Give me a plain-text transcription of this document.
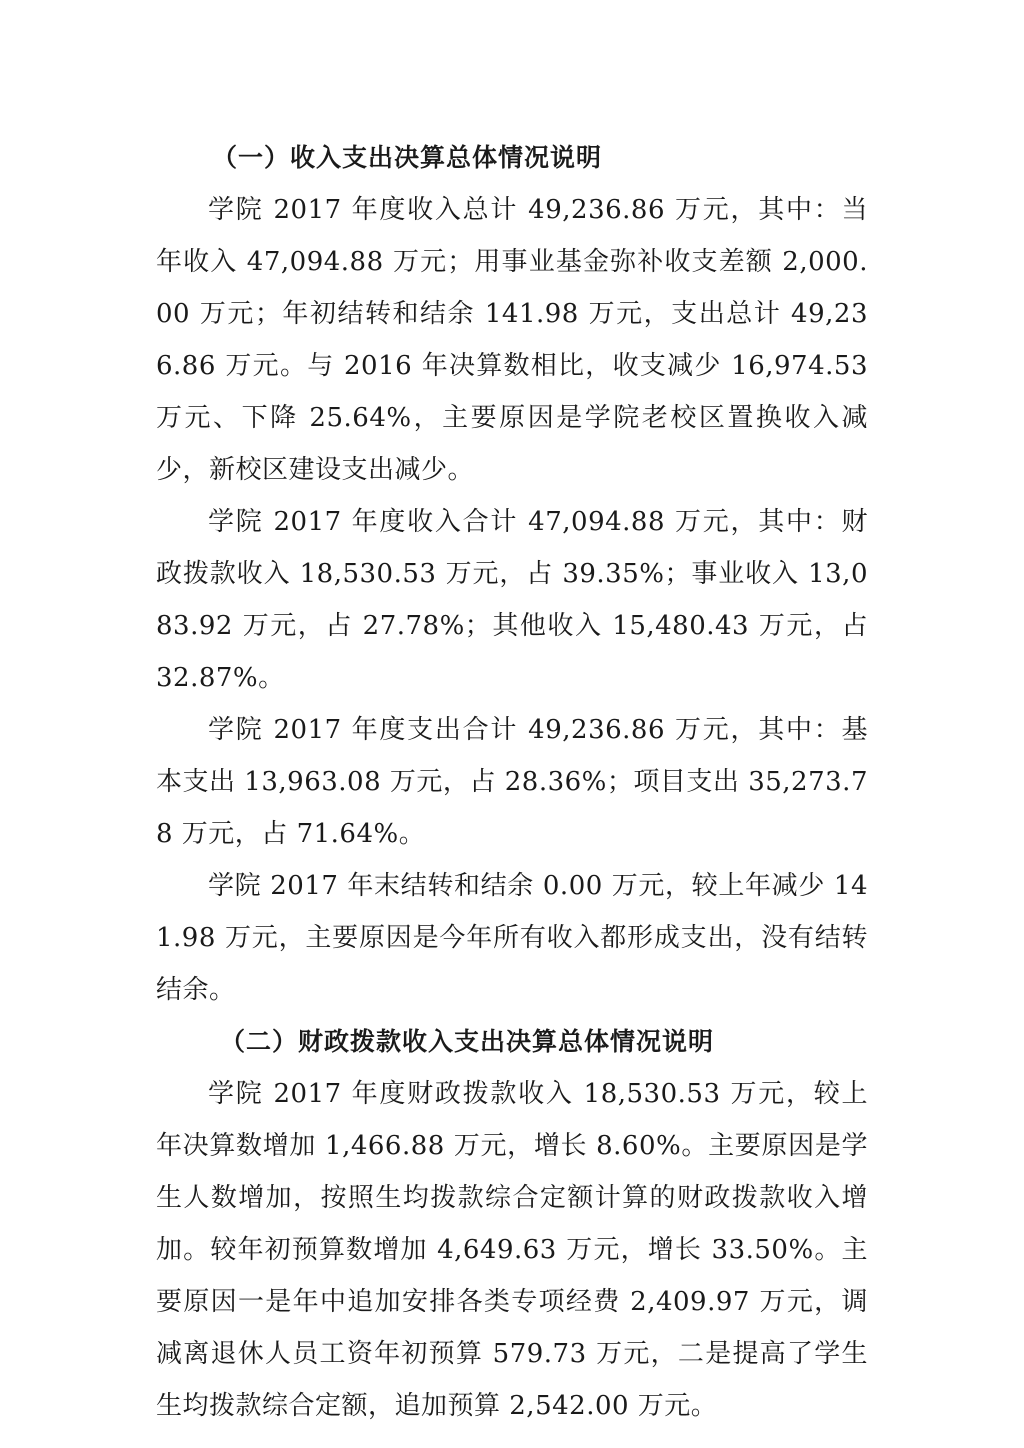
（一）收入支出决算总体情况说明

学院 2017 年度收入总计 49,236.86 万元，其中：当年收入 47,094.88 万元；用事业基金弥补收支差额 2,000.00 万元；年初结转和结余 141.98 万元，支出总计 49,236.86 万元。与 2016 年决算数相比，收支减少 16,974.53 万元、下降 25.64%，主要原因是学院老校区置换收入减少，新校区建设支出减少。

学院 2017 年度收入合计 47,094.88 万元，其中：财政拨款收入 18,530.53 万元，占 39.35%；事业收入 13,083.92 万元，占 27.78%；其他收入 15,480.43 万元，占 32.87%。

学院 2017 年度支出合计 49,236.86 万元，其中：基本支出 13,963.08 万元，占 28.36%；项目支出 35,273.78 万元，占 71.64%。

学院 2017 年末结转和结余 0.00 万元，较上年减少 141.98 万元，主要原因是今年所有收入都形成支出，没有结转结余。

（二）财政拨款收入支出决算总体情况说明

学院 2017 年度财政拨款收入 18,530.53 万元，较上年决算数增加 1,466.88 万元，增长 8.60%。主要原因是学生人数增加，按照生均拨款综合定额计算的财政拨款收入增加。较年初预算数增加 4,649.63 万元，增长 33.50%。主要原因一是年中追加安排各类专项经费 2,409.97 万元，调减离退休人员工资年初预算 579.73 万元，二是提高了学生生均拨款综合定额，追加预算 2,542.00 万元。
